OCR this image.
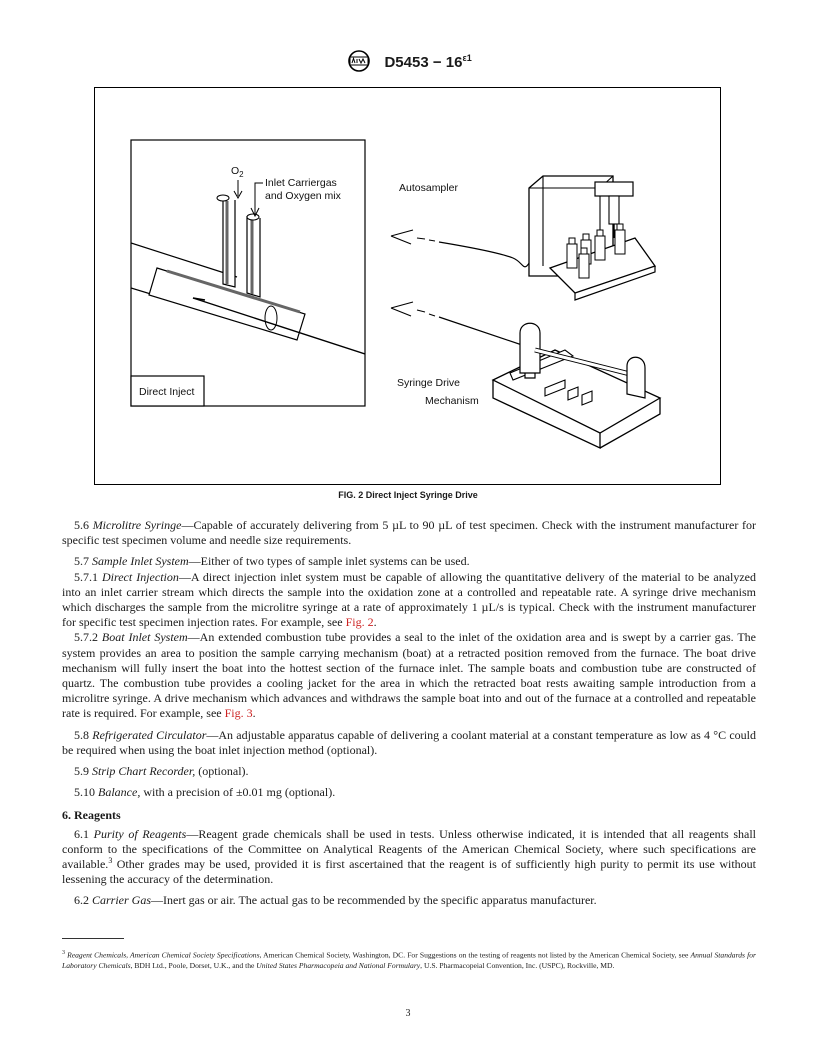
$D5453 - 16^{\varepsilon 1}$
$O_2$
Inlet Carriergas
and Oxygen mix
Direct Inject
Autosampler
Syringe Drive
Mechanism
FIG. 2 Direct Inject Syringe Drive

5.6 Microlitre Syringe—Capable of accurately delivering from 5 µL to 90 µL of test specimen. Check with the instrument manufacturer for specific test specimen volume and needle size requirements.

5.7 Sample Inlet System—Either of two types of sample inlet systems can be used.

5.7.1 Direct Injection—A direct injection inlet system must be capable of allowing the quantitative delivery of the material to be analyzed into an inlet carrier stream which directs the sample into the oxidation zone at a controlled and repeatable rate. A syringe drive mechanism which discharges the sample from the microlitre syringe at a rate of approximately 1 µL/s is typical. Check with the instrument manufacturer for specific test specimen injection rates. For example, see Fig. 2.

5.7.2 Boat Inlet System—An extended combustion tube provides a seal to the inlet of the oxidation area and is swept by a carrier gas. The system provides an area to position the sample carrying mechanism (boat) at a retracted position removed from the furnace. The boat drive mechanism will fully insert the boat into the hottest section of the furnace inlet. The sample boats and combustion tube are constructed of quartz. The combustion tube provides a cooling jacket for the area in which the retracted boat rests awaiting sample introduction from a microlitre syringe. A drive mechanism which advances and withdraws the sample boat into and out of the furnace at a controlled and repeatable rate is required. For example, see Fig. 3.

5.8 Refrigerated Circulator—An adjustable apparatus capable of delivering a coolant material at a constant temperature as low as 4 °C could be required when using the boat inlet injection method (optional).

5.9 Strip Chart Recorder, (optional).

5.10 Balance, with a precision of ±0.01 mg (optional).

6. Reagents

6.1 Purity of Reagents—Reagent grade chemicals shall be used in tests. Unless otherwise indicated, it is intended that all reagents shall conform to the specifications of the Committee on Analytical Reagents of the American Chemical Society, where such specifications are available.$^3$ Other grades may be used, provided it is first ascertained that the reagent is of sufficiently high purity to permit its use without lessening the accuracy of the determination.

6.2 Carrier Gas—Inert gas or air. The actual gas to be recommended by the specific apparatus manufacturer.

$^3$ Reagent Chemicals, American Chemical Society Specifications, American Chemical Society, Washington, DC. For Suggestions on the testing of reagents not listed by the American Chemical Society, see Annual Standards for Laboratory Chemicals, BDH Ltd., Poole, Dorset, U.K., and the United States Pharmacopeia and National Formulary, U.S. Pharmacopeial Convention, Inc. (USPC), Rockville, MD.
3
